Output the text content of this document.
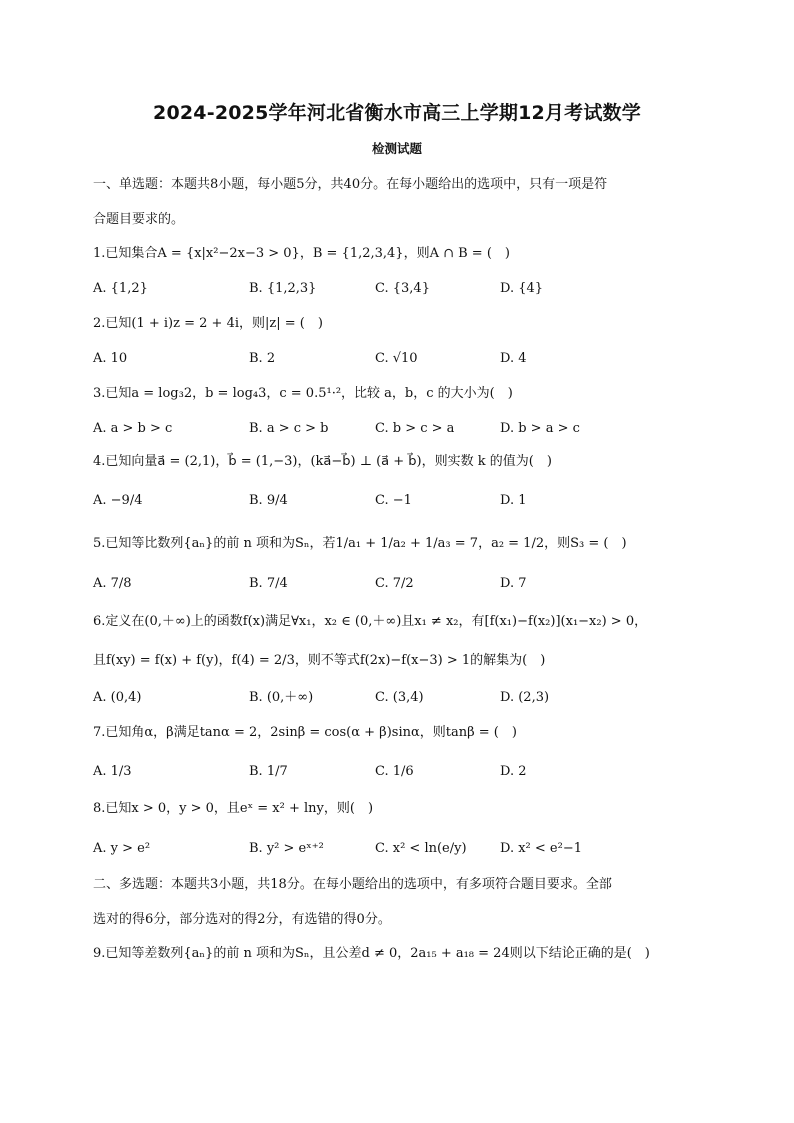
2024-2025学年河北省衡水市高三上学期12月考试数学
检测试题
一、单选题：本题共8小题，每小题5分，共40分。在每小题给出的选项中，只有一项是符
合题目要求的。
1.已知集合A = {x|x²−2x−3 > 0}，B = {1,2,3,4}，则A ∩ B = (　)
A. {1,2}	B. {1,2,3}	C. {3,4}	D. {4}
2.已知(1 + i)z = 2 + 4i，则|z| = (　)
A. 10	B. 2	C. √10	D. 4
3.已知a = log₃2，b = log₄3，c = 0.5¹·²，比较 a，b，c 的大小为(　)
A. a > b > c	B. a > c > b	C. b > c > a	D. b > a > c
4.已知向量a⃗ = (2,1)，b⃗ = (1,−3)，(ka⃗−b⃗) ⊥ (a⃗ + b⃗)，则实数 k 的值为(　)
A. −9/4	B. 9/4	C. −1	D. 1
5.已知等比数列{aₙ}的前 n 项和为Sₙ，若1/a₁ + 1/a₂ + 1/a₃ = 7，a₂ = 1/2，则S₃ = (　)
A. 7/8	B. 7/4	C. 7/2	D. 7
6.定义在(0,＋∞)上的函数f(x)满足∀x₁，x₂ ∈ (0,＋∞)且x₁ ≠ x₂，有[f(x₁)−f(x₂)](x₁−x₂) > 0，
且f(xy) = f(x) + f(y)，f(4) = 2/3，则不等式f(2x)−f(x−3) > 1的解集为(　)
A. (0,4)	B. (0,＋∞)	C. (3,4)	D. (2,3)
7.已知角α，β满足tanα = 2，2sinβ = cos(α + β)sinα，则tanβ = (　)
A. 1/3	B. 1/7	C. 1/6	D. 2
8.已知x > 0，y > 0，且eˣ = x² + lny，则(　)
A. y > e²	B. y² > eˣ⁺²	C. x² < ln(e/y)	D. x² < e²−1
二、多选题：本题共3小题，共18分。在每小题给出的选项中，有多项符合题目要求。全部
选对的得6分，部分选对的得2分，有选错的得0分。
9.已知等差数列{aₙ}的前 n 项和为Sₙ，且公差d ≠ 0，2a₁₅ + a₁₈ = 24则以下结论正确的是(　)
